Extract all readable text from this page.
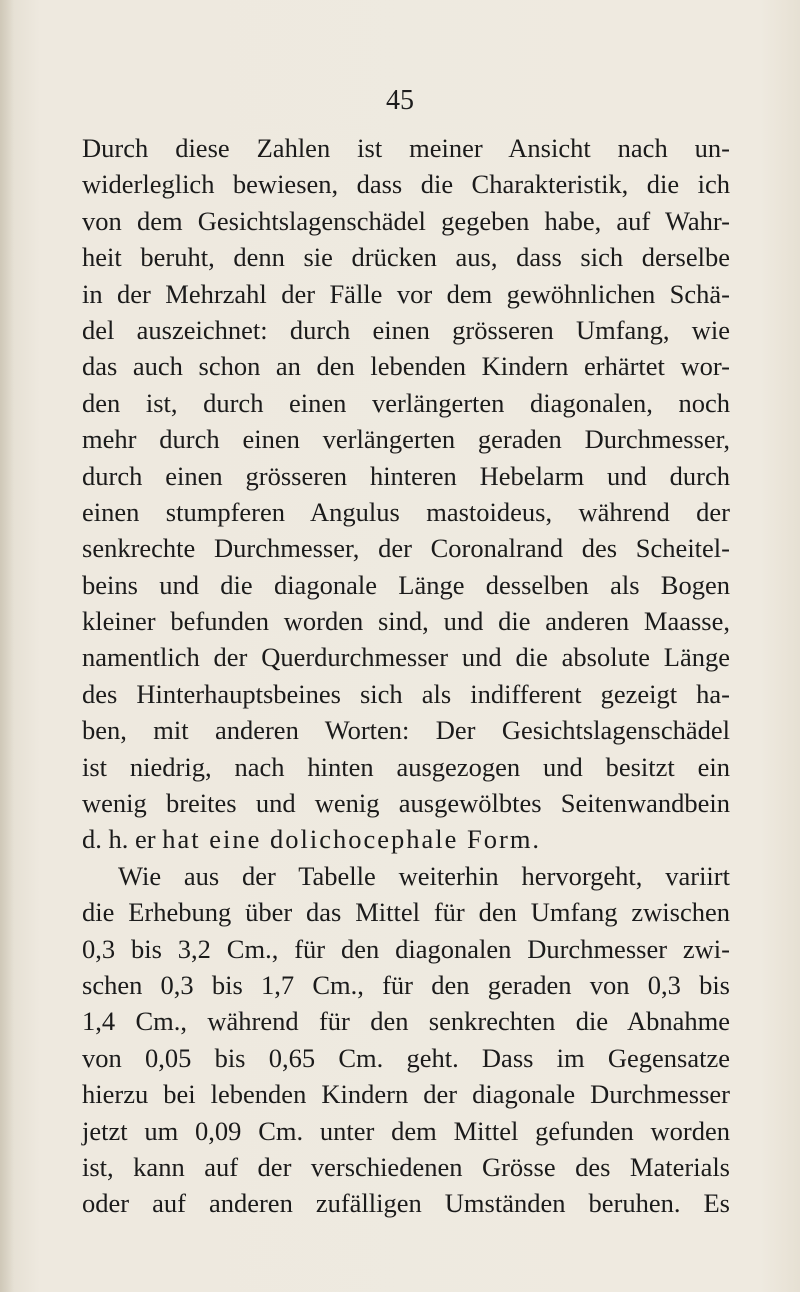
45
Durch diese Zahlen ist meiner Ansicht nach un-
widerleglich bewiesen, dass die Charakteristik, die ich
von dem Gesichtslagenschädel gegeben habe, auf Wahr-
heit beruht, denn sie drücken aus, dass sich derselbe
in der Mehrzahl der Fälle vor dem gewöhnlichen Schä-
del auszeichnet: durch einen grösseren Umfang, wie
das auch schon an den lebenden Kindern erhärtet wor-
den ist, durch einen verlängerten diagonalen, noch
mehr durch einen verlängerten geraden Durchmesser,
durch einen grösseren hinteren Hebelarm und durch
einen stumpferen Angulus mastoideus, während der
senkrechte Durchmesser, der Coronalrand des Scheitel-
beins und die diagonale Länge desselben als Bogen
kleiner befunden worden sind, und die anderen Maasse,
namentlich der Querdurchmesser und die absolute Länge
des Hinterhauptsbeines sich als indifferent gezeigt ha-
ben, mit anderen Worten: Der Gesichtslagenschädel
ist niedrig, nach hinten ausgezogen und besitzt ein
wenig breites und wenig ausgewölbtes Seitenwandbein
d. h. er hat eine dolichocephale Form.
Wie aus der Tabelle weiterhin hervorgeht, variirt
die Erhebung über das Mittel für den Umfang zwischen
0,3 bis 3,2 Cm., für den diagonalen Durchmesser zwi-
schen 0,3 bis 1,7 Cm., für den geraden von 0,3 bis
1,4 Cm., während für den senkrechten die Abnahme
von 0,05 bis 0,65 Cm. geht. Dass im Gegensatze
hierzu bei lebenden Kindern der diagonale Durchmesser
jetzt um 0,09 Cm. unter dem Mittel gefunden worden
ist, kann auf der verschiedenen Grösse des Materials
oder auf anderen zufälligen Umständen beruhen. Es
